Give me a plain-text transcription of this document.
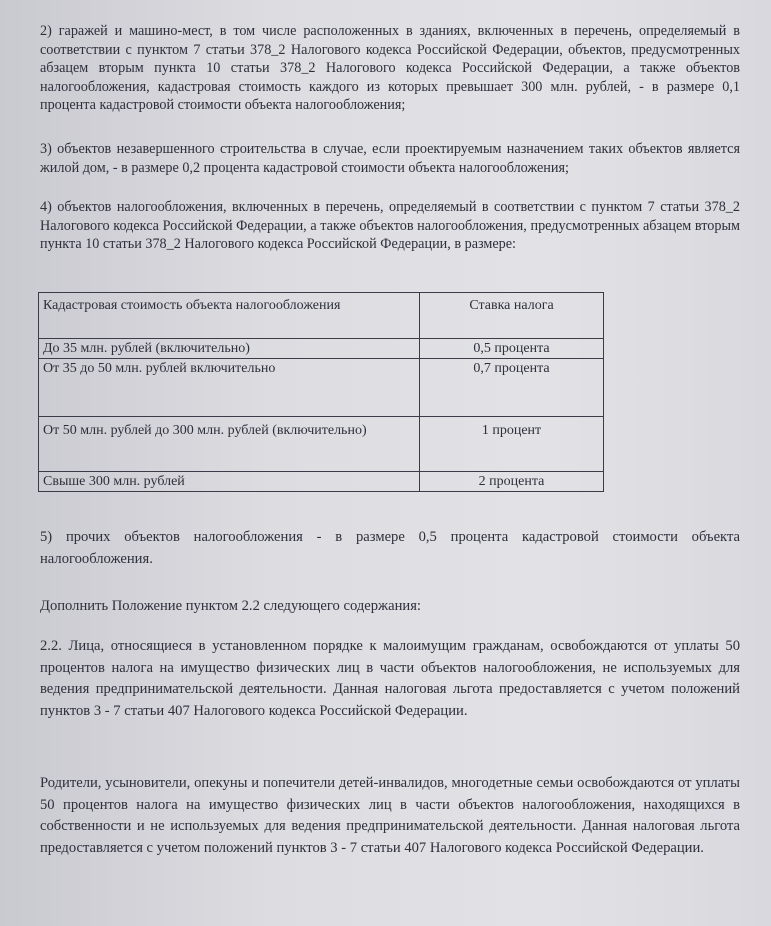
2) гаражей и машино-мест, в том числе расположенных в зданиях, включенных в перечень, определяемый в соответствии с пунктом 7 статьи 378_2 Налогового кодекса Российской Федерации, объектов, предусмотренных абзацем вторым пункта 10 статьи 378_2 Налогового кодекса Российской Федерации, а также объектов налогообложения, кадастровая стоимость каждого из которых превышает 300 млн. рублей, - в размере 0,1 процента кадастровой стоимости объекта налогообложения;

3) объектов незавершенного строительства в случае, если проектируемым назначением таких объектов является жилой дом, - в размере 0,2 процента кадастровой стоимости объекта налогообложения;

4) объектов налогообложения, включенных в перечень, определяемый в соответствии с пунктом 7 статьи 378_2 Налогового кодекса Российской Федерации, а также объектов налогообложения, предусмотренных абзацем вторым пункта 10 статьи 378_2 Налогового кодекса Российской Федерации, в размере:

Кадастровая стоимость объекта налогообложения	Ставка налога
До 35 млн. рублей (включительно)	0,5 процента
От 35 до 50 млн. рублей включительно	0,7 процента
От 50 млн. рублей до 300 млн. рублей (включительно)	1 процент
Свыше 300 млн. рублей	2 процента

5) прочих объектов налогообложения - в размере 0,5 процента кадастровой стоимости объекта налогообложения.

Дополнить Положение пунктом 2.2 следующего содержания:

2.2. Лица, относящиеся в установленном порядке к малоимущим гражданам, освобождаются от уплаты 50 процентов налога на имущество физических лиц в части объектов налогообложения, не используемых для ведения предпринимательской деятельности. Данная налоговая льгота предоставляется с учетом положений пунктов 3 - 7 статьи 407 Налогового кодекса Российской Федерации.

Родители, усыновители, опекуны и попечители детей-инвалидов, многодетные семьи освобождаются от уплаты 50 процентов налога на имущество физических лиц в части объектов налогообложения, находящихся в собственности и не используемых для ведения предпринимательской деятельности. Данная налоговая льгота предоставляется с учетом положений пунктов 3 - 7 статьи 407 Налогового кодекса Российской Федерации.
